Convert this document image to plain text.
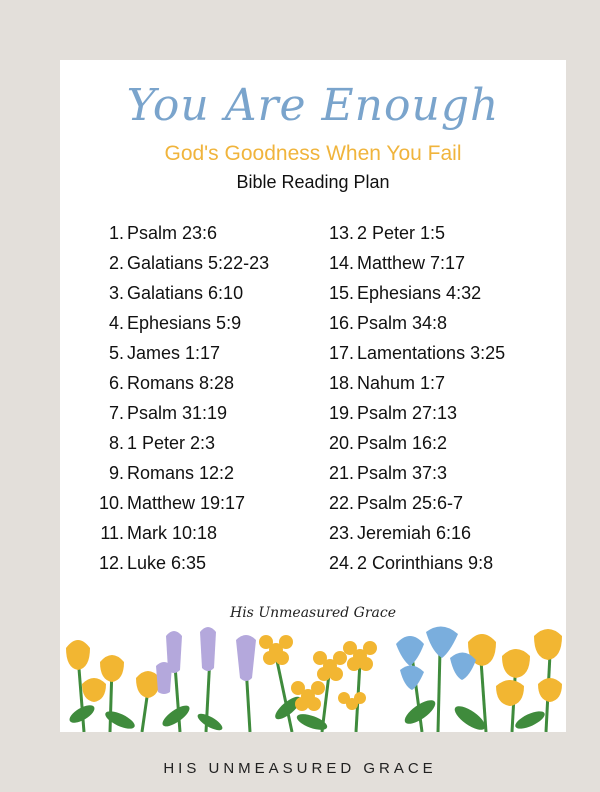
You Are Enough
God's Goodness When You Fail
Bible Reading Plan
1. Psalm 23:6
2. Galatians 5:22-23
3. Galatians 6:10
4. Ephesians 5:9
5. James 1:17
6. Romans 8:28
7. Psalm 31:19
8. 1 Peter 2:3
9. Romans 12:2
10. Matthew 19:17
11. Mark 10:18
12. Luke 6:35
13. 2 Peter 1:5
14. Matthew 7:17
15. Ephesians 4:32
16. Psalm 34:8
17. Lamentations 3:25
18. Nahum 1:7
19. Psalm 27:13
20. Psalm 16:2
21. Psalm 37:3
22. Psalm 25:6-7
23. Jeremiah 6:16
24. 2 Corinthians 9:8
His Unmeasured Grace
HIS UNMEASURED GRACE
